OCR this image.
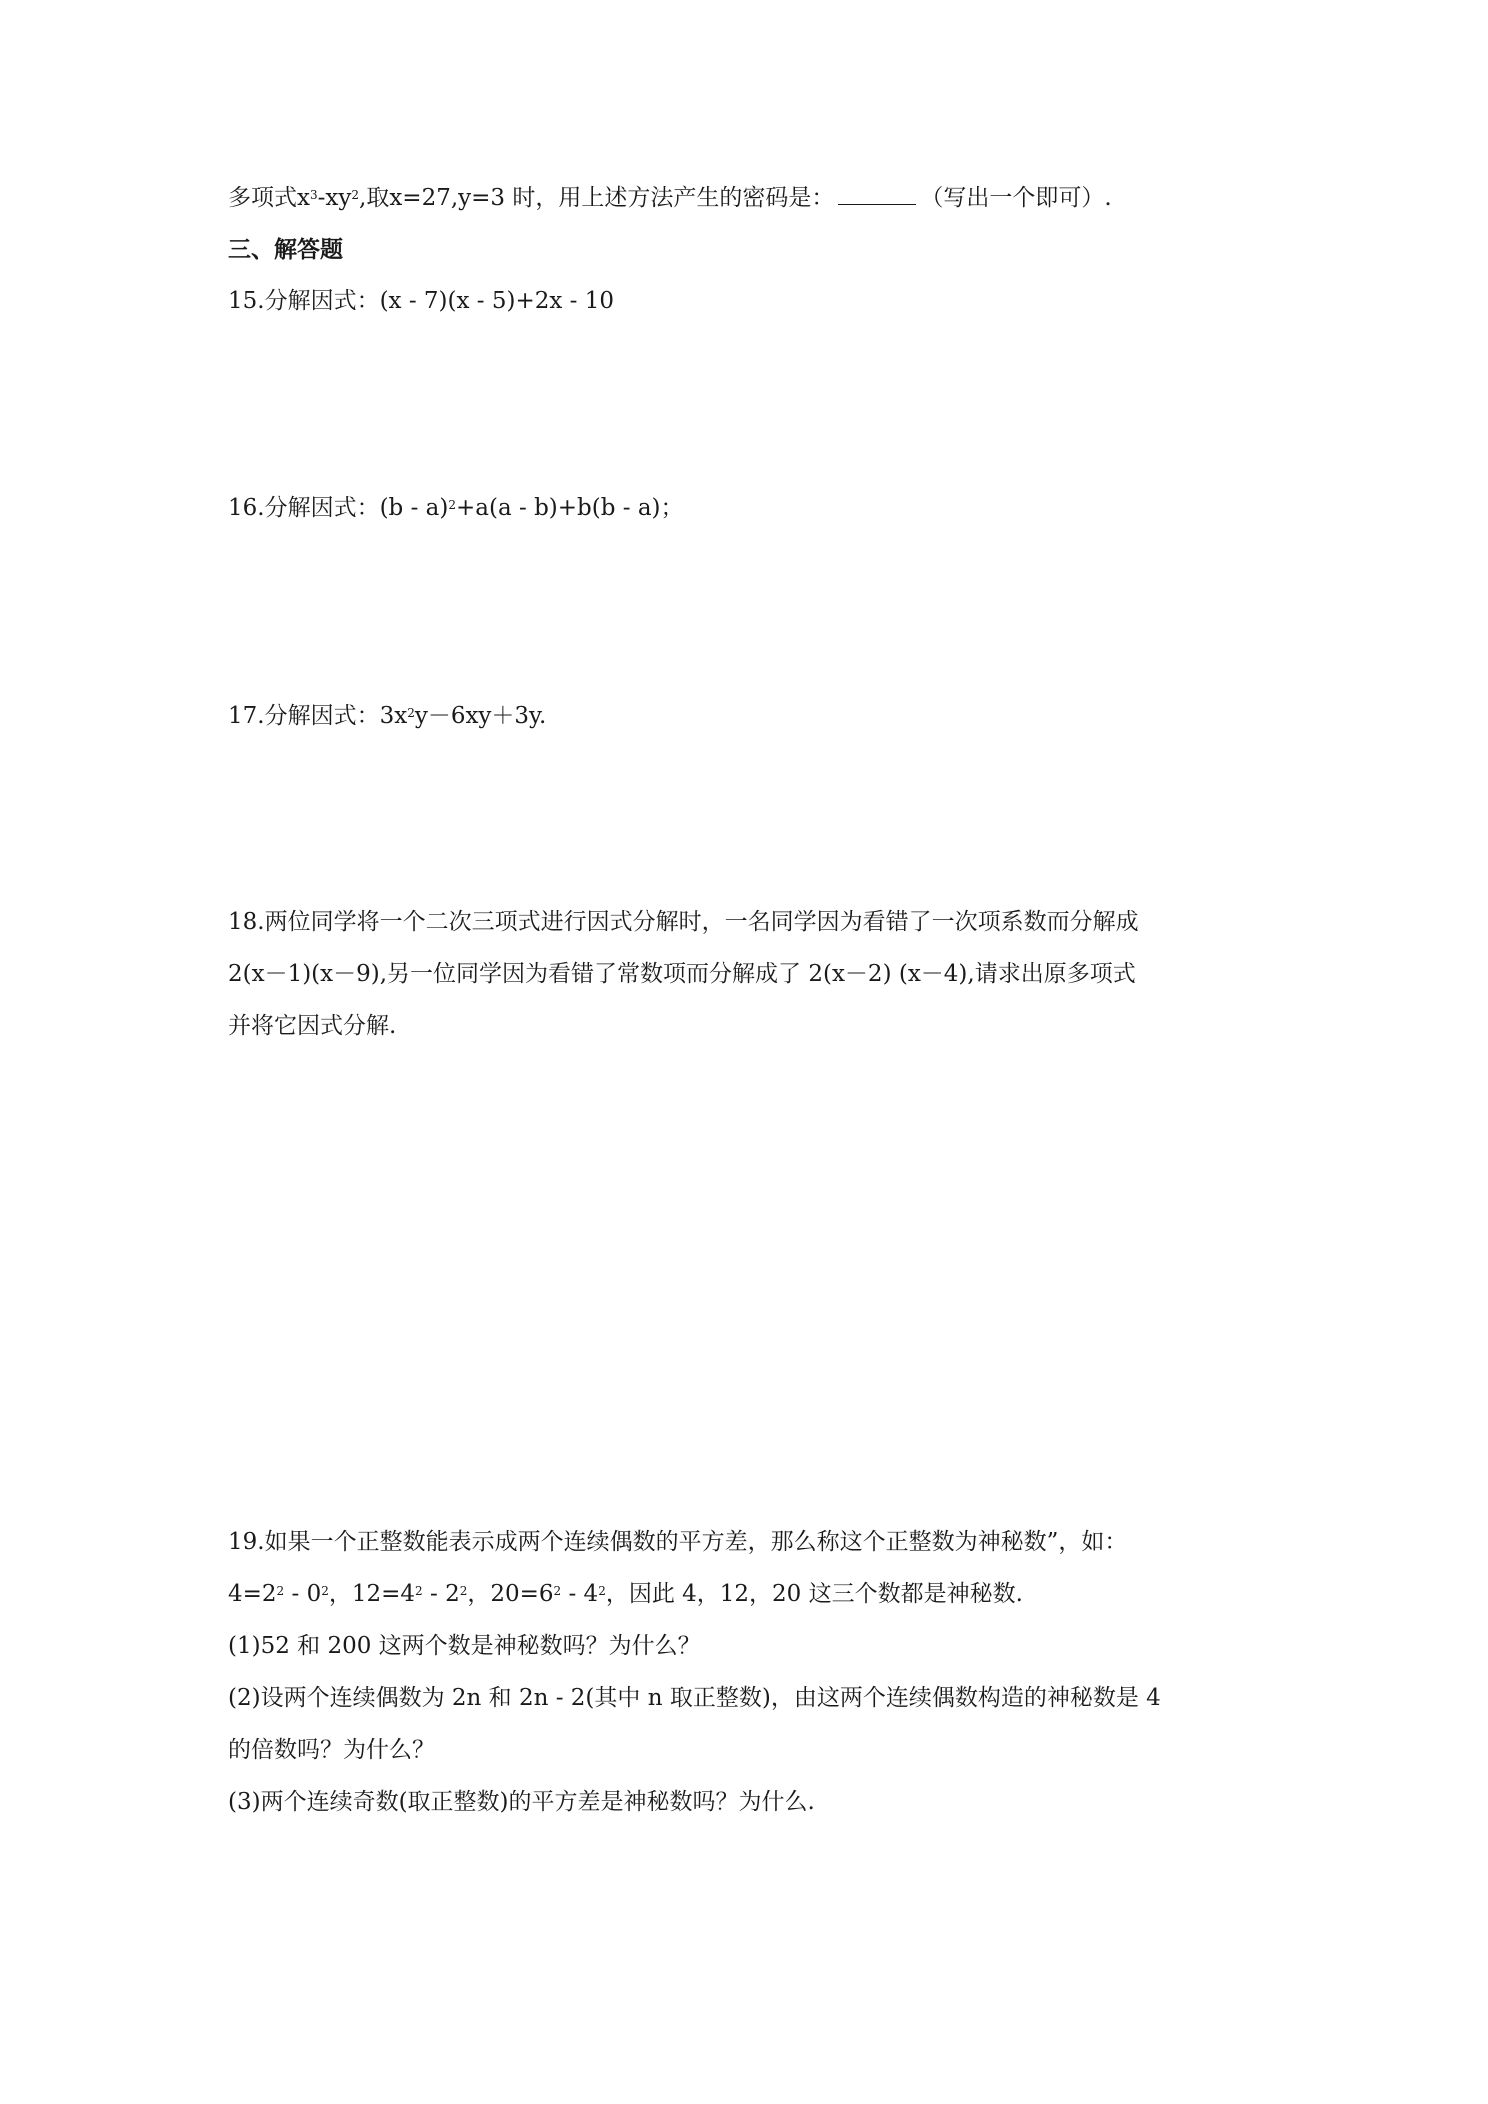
多项式$x^3-xy^2$,取x=27,y=3 时，用上述方法产生的密码是：	（写出一个即可）.
三、解答题
15.分解因式：(x - 7)(x - 5)+2x - 10
16.分解因式：(b - a)$^2$+a(a - b)+b(b - a)；
17.分解因式：$3x^2y-6xy+3y$.
18.两位同学将一个二次三项式进行因式分解时，一名同学因为看错了一次项系数而分解成
2(x－1)(x－9),另一位同学因为看错了常数项而分解成了 2(x－2) (x－4),请求出原多项式
并将它因式分解.
19.如果一个正整数能表示成两个连续偶数的平方差，那么称这个正整数为神秘数”，如：
$4=2^2 - 0^2$，$12=4^2 - 2^2$，$20=6^2 - 4^2$，因此 4，12，20 这三个数都是神秘数.
(1)52 和 200 这两个数是神秘数吗？为什么？
(2)设两个连续偶数为 2n 和 2n - 2(其中 n 取正整数)，由这两个连续偶数构造的神秘数是 4
的倍数吗？为什么？
(3)两个连续奇数(取正整数)的平方差是神秘数吗？为什么.
